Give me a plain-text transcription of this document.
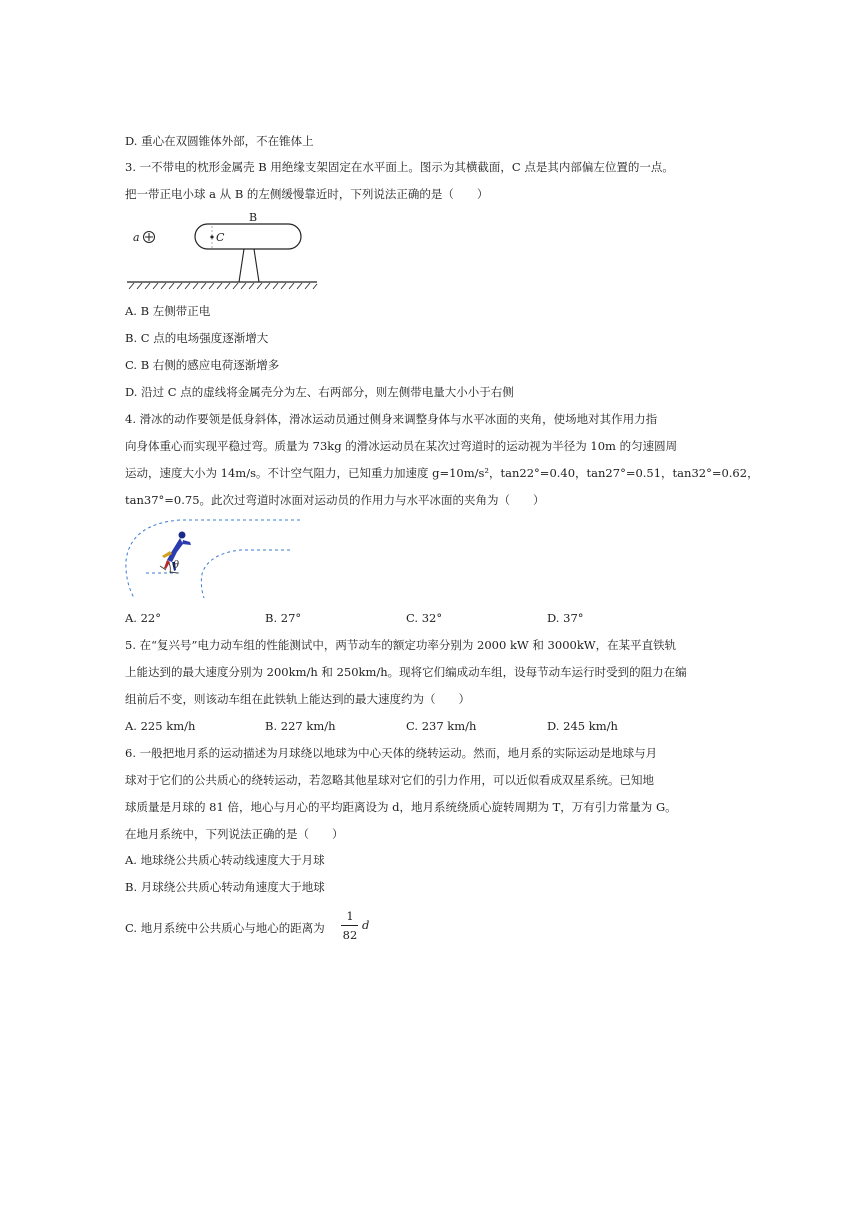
D. 重心在双圆锥体外部，不在锥体上
3. 一不带电的枕形金属壳 B 用绝缘支架固定在水平面上。图示为其横截面，C 点是其内部偏左位置的一点。
把一带正电小球 a 从 B 的左侧缓慢靠近时，下列说法正确的是（　　）
B
C
a
A. B 左侧带正电
B. C 点的电场强度逐渐增大
C. B 右侧的感应电荷逐渐增多
D. 沿过 C 点的虚线将金属壳分为左、右两部分，则左侧带电量大小小于右侧
4. 滑冰的动作要领是低身斜体，滑冰运动员通过侧身来调整身体与水平冰面的夹角，使场地对其作用力指
向身体重心而实现平稳过弯。质量为 73kg 的滑冰运动员在某次过弯道时的运动视为半径为 10m 的匀速圆周
运动，速度大小为 14m/s。不计空气阻力，已知重力加速度 g=10m/s²，tan22°=0.40，tan27°=0.51，tan32°=0.62，
tan37°=0.75。此次过弯道时冰面对运动员的作用力与水平冰面的夹角为（　　）
θ
A. 22°	B. 27°	C. 32°	D. 37°
5. 在“复兴号”电力动车组的性能测试中，两节动车的额定功率分别为 2000 kW 和 3000kW，在某平直铁轨
上能达到的最大速度分别为 200km/h 和 250km/h。现将它们编成动车组，设每节动车运行时受到的阻力在编
组前后不变，则该动车组在此铁轨上能达到的最大速度约为（　　）
A. 225 km/h	B. 227 km/h	C. 237 km/h	D. 245 km/h
6. 一般把地月系的运动描述为月球绕以地球为中心天体的绕转运动。然而，地月系的实际运动是地球与月
球对于它们的公共质心的绕转运动，若忽略其他星球对它们的引力作用，可以近似看成双星系统。已知地
球质量是月球的 81 倍，地心与月心的平均距离设为 d，地月系统绕质心旋转周期为 T，万有引力常量为 G。
在地月系统中，下列说法正确的是（　　）
A. 地球绕公共质心转动线速度大于月球
B. 月球绕公共质心转动角速度大于地球
C. 地月系统中公共质心与地心的距离为
1
82
d
